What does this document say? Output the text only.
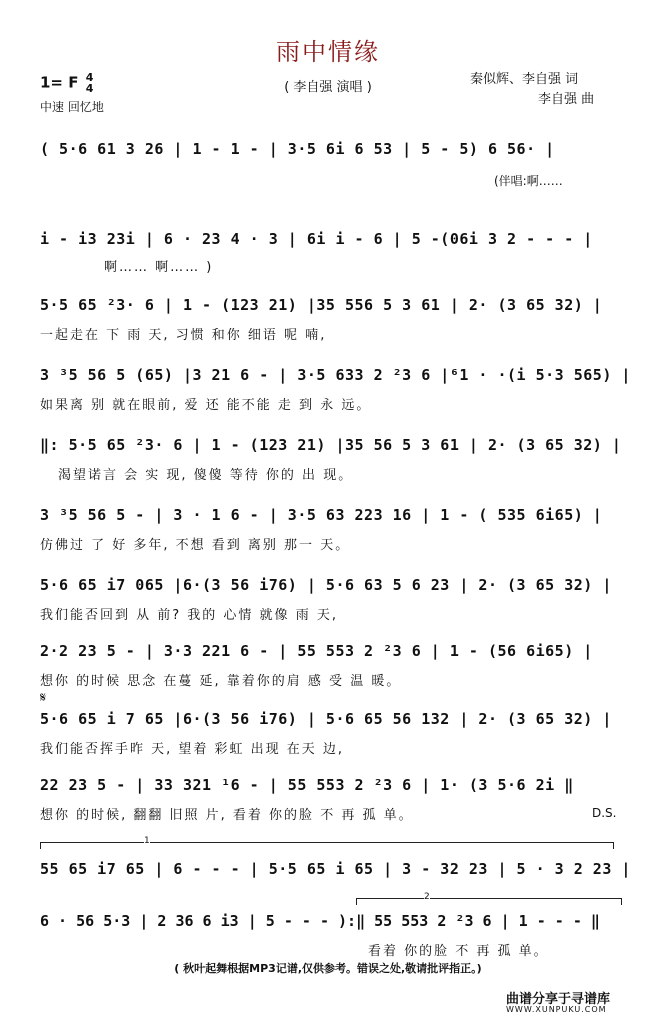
雨中情缘
( 李自强 演唱 )
1= F 4
4
中速 回忆地
秦似辉、李自强 词
李自强 曲
( 5·6 61 3 26 | 1 - 1 - | 3·5 6i 6 53 | 5 - 5) 6 56· |
(伴唱:啊……
i - i3 23i | 6 · 23 4 · 3 | 6i i - 6 | 5 -(06i 3 2 - - - |
啊…… 啊…… )
5·5 65 ²3· 6 | 1 - (123 21) |35 556 5 3 61 | 2· (3 65 32) |
一起走在 下 雨 天, 习惯 和你 细语 呢 喃,
3 ³5 56 5 (65) |3 21 6 - | 3·5 633 2 ²3 6 |⁶1 · ·(i 5·3 565) |
如果离 别 就在眼前, 爱 还 能不能 走 到 永 远。
‖: 5·5 65 ²3· 6 | 1 - (123 21) |35 56 5 3 61 | 2· (3 65 32) |
渴望诺言 会 实 现, 傻傻 等待 你的 出 现。
3 ³5 56 5 - | 3 · 1 6 - | 3·5 63 223 16 | 1 - ( 535 6i65) |
仿佛过 了 好 多年, 不想 看到 离别 那一 天。
5·6 65 i7 065 |6·(3 56 i76) | 5·6 63 5 6 23 | 2· (3 65 32) |
我们能否回到 从 前? 我的 心情 就像 雨 天,
2·2 23 5 - | 3·3 221 6 - | 55 553 2 ²3 6 | 1 - (56 6i65) |
想你 的时候 思念 在蔓 延, 靠着你的肩 感 受 温 暖。
𝄋
5·6 65 i 7 65 |6·(3 56 i76) | 5·6 65 56 132 | 2· (3 65 32) |
我们能否挥手昨 天, 望着 彩虹 出现 在天 边,
22 23 5 - | 33 321 ¹6 - | 55 553 2 ²3 6 | 1· (3 5·6 2i ‖
想你 的时候, 翻翻 旧照 片, 看着 你的脸 不 再 孤 单。	D.S.
1
55 65 i7 65 | 6 - - - | 5·5 65 i 65 | 3 - 32 23 | 5 · 3 2 23 |
2
6 · 56 5·3 | 2 36 6 i3 | 5 - - - ):‖ 55 553 2 ²3 6 | 1 - - - ‖
看着 你的脸 不 再 孤 单。
( 秋叶起舞根据MP3记谱,仅供参考。错误之处,敬请批评指正。)
曲谱分享于寻谱库
WWW.XUNPUKU.COM
